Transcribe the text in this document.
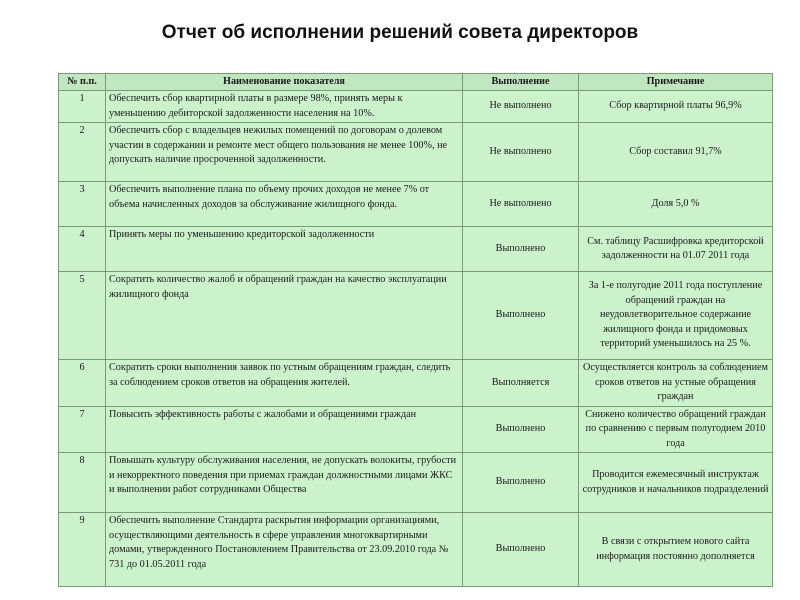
Отчет об исполнении решений совета директоров
№ п.п.	Наименование показателя	Выполнение	Примечание
1	Обеспечить сбор квартирной платы в размере 98%, принять меры к уменьшению дебиторской задолженности населения на 10%.	Не выполнено	Сбор квартирной платы 96,9%
2	Обеспечить сбор с владельцев нежилых помещений по договорам о долевом участии в содержании и ремонте мест общего пользования не менее 100%, не допускать наличие просроченной задолженности.	Не выполнено	Сбор составил 91,7%
3	Обеспечить выполнение плана по объему прочих доходов не менее 7% от объема начисленных доходов за обслуживание жилищного фонда.	Не выполнено	Доля 5,0 %
4	Принять меры по уменьшению кредиторской задолженности	Выполнено	См. таблицу Расшифровка кредиторской задолженности на 01.07 2011 года
5	Сократить количество жалоб и обращений граждан на качество эксплуатации жилищного фонда	Выполнено	За 1-е полугодие 2011 года поступление обращений граждан на неудовлетворительное содержание жилищного фонда и придомовых территорий уменьшилось на 25 %.
6	Сократить сроки выполнения заявок по устным обращениям граждан, следить за соблюдением сроков ответов на обращения жителей.	Выполняется	Осуществляется контроль за соблюдением сроков ответов на устные обращения граждан
7	Повысить эффективность работы с жалобами и обращениями граждан	Выполнено	Снижено количество обращений граждан по сравнению с первым полугодием 2010 года
8	Повышать культуру обслуживания населения, не допускать волокиты, грубости и некорректного поведения при приемах граждан должностными лицами ЖКС и выполнении работ сотрудниками Общества	Выполнено	Проводится ежемесячный инструктаж сотрудников и начальников подразделений
9	Обеспечить выполнение Стандарта раскрытия информации организациями, осуществляющими деятельность в сфере управления многоквартирными домами, утвержденного Постановлением Правительства от 23.09.2010 года № 731 до 01.05.2011 года	Выполнено	В связи с открытием нового сайта информация постоянно дополняется
